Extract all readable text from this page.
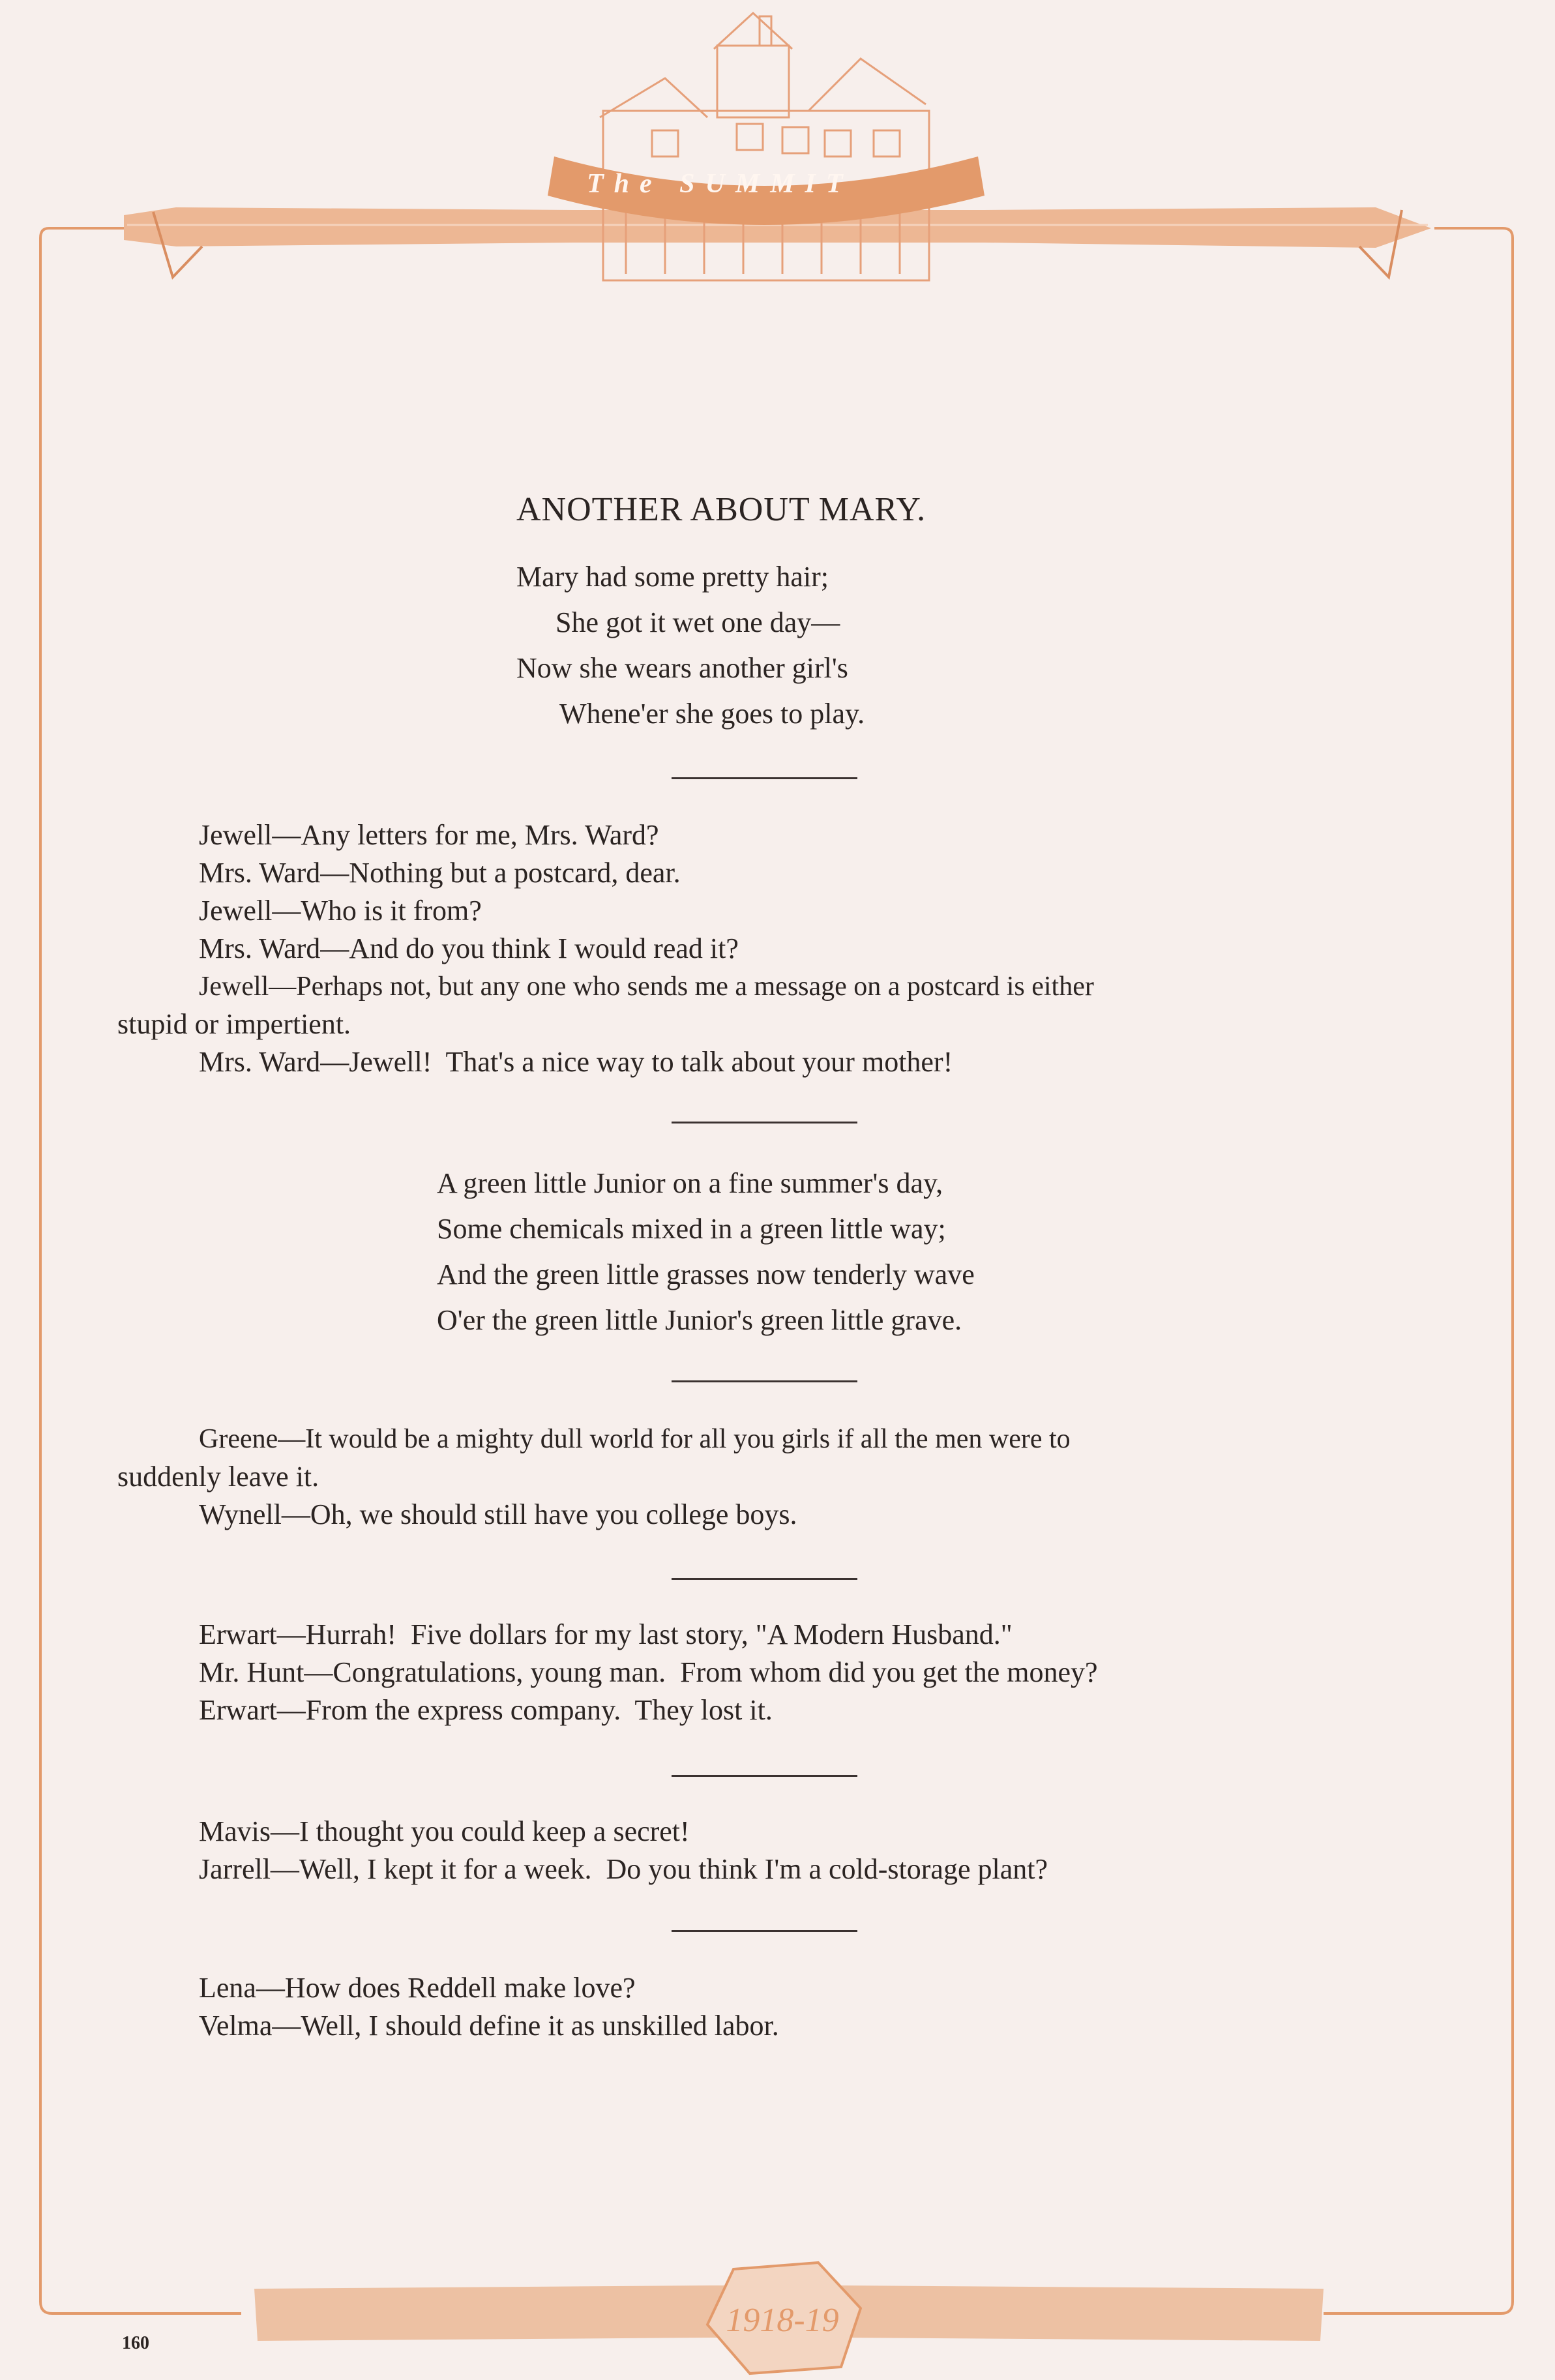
1918-19
The SUMMIT
ANOTHER ABOUT MARY.
Mary had some pretty hair;
She got it wet one day—
Now she wears another girl's
Whene'er she goes to play.
Jewell—Any letters for me, Mrs. Ward?
Mrs. Ward—Nothing but a postcard, dear.
Jewell—Who is it from?
Mrs. Ward—And do you think I would read it?
Jewell—Perhaps not, but any one who sends me a message on a postcard is either
stupid or impertient.
Mrs. Ward—Jewell!  That's a nice way to talk about your mother!
A green little Junior on a fine summer's day,
Some chemicals mixed in a green little way;
And the green little grasses now tenderly wave
O'er the green little Junior's green little grave.
Greene—It would be a mighty dull world for all you girls if all the men were to
suddenly leave it.
Wynell—Oh, we should still have you college boys.
Erwart—Hurrah!  Five dollars for my last story, "A Modern Husband."
Mr. Hunt—Congratulations, young man.  From whom did you get the money?
Erwart—From the express company.  They lost it.
Mavis—I thought you could keep a secret!
Jarrell—Well, I kept it for a week.  Do you think I'm a cold-storage plant?
Lena—How does Reddell make love?
Velma—Well, I should define it as unskilled labor.
160
